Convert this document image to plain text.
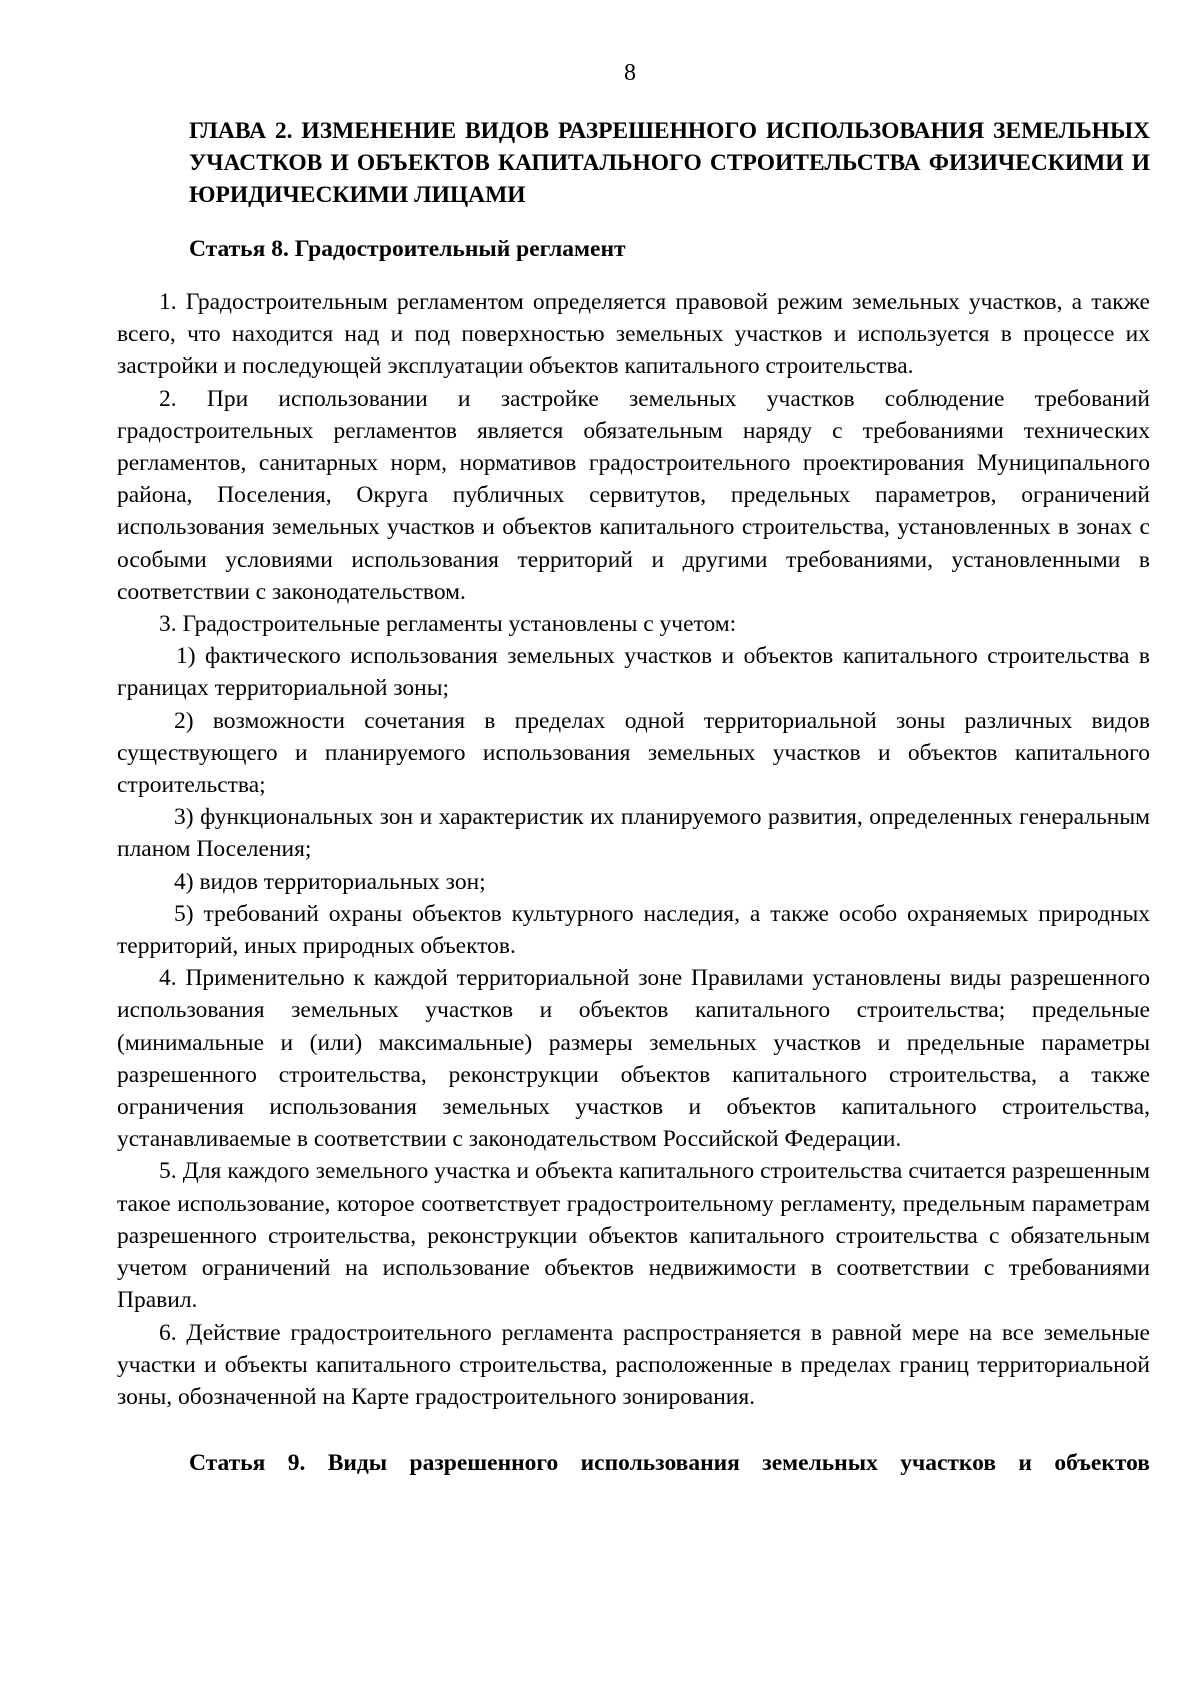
8
ГЛАВА 2. ИЗМЕНЕНИЕ ВИДОВ РАЗРЕШЕННОГО ИСПОЛЬЗОВАНИЯ ЗЕМЕЛЬНЫХ УЧАСТКОВ И ОБЪЕКТОВ КАПИТАЛЬНОГО СТРОИТЕЛЬСТВА ФИЗИЧЕСКИМИ И ЮРИДИЧЕСКИМИ ЛИЦАМИ
Статья 8. Градостроительный регламент

1. Градостроительным регламентом определяется правовой режим земельных участков, а также всего, что находится над и под поверхностью земельных участков и используется в процессе их застройки и последующей эксплуатации объектов капитального строительства.

2. При использовании и застройке земельных участков соблюдение требований градостроительных регламентов является обязательным наряду с требованиями технических регламентов, санитарных норм, нормативов градостроительного проектирования Муниципального района, Поселения, Округа публичных сервитутов, предельных параметров, ограничений использования земельных участков и объектов капитального строительства, установленных в зонах с особыми условиями использования территорий и другими требованиями, установленными в соответствии с законодательством.

3. Градостроительные регламенты установлены с учетом:

1) фактического использования земельных участков и объектов капитального строительства в границах территориальной зоны;

2) возможности сочетания в пределах одной территориальной зоны различных видов существующего и планируемого использования земельных участков и объектов капитального строительства;

3) функциональных зон и характеристик их планируемого развития, определенных генеральным планом Поселения;

4) видов территориальных зон;

5) требований охраны объектов культурного наследия, а также особо охраняемых природных территорий, иных природных объектов.

4. Применительно к каждой территориальной зоне Правилами установлены виды разрешенного использования земельных участков и объектов капитального строительства; предельные (минимальные и (или) максимальные) размеры земельных участков и предельные параметры разрешенного строительства, реконструкции объектов капитального строительства, а также ограничения использования земельных участков и объектов капитального строительства, устанавливаемые в соответствии с законодательством Российской Федерации.

5. Для каждого земельного участка и объекта капитального строительства считается разрешенным такое использование, которое соответствует градостроительному регламенту, предельным параметрам разрешенного строительства, реконструкции объектов капитального строительства с обязательным учетом ограничений на использование объектов недвижимости в соответствии с требованиями Правил.

6. Действие градостроительного регламента распространяется в равной мере на все земельные участки и объекты капитального строительства, расположенные в пределах границ территориальной зоны, обозначенной на Карте градостроительного зонирования.

Статья 9. Виды разрешенного использования земельных участков и объектов
